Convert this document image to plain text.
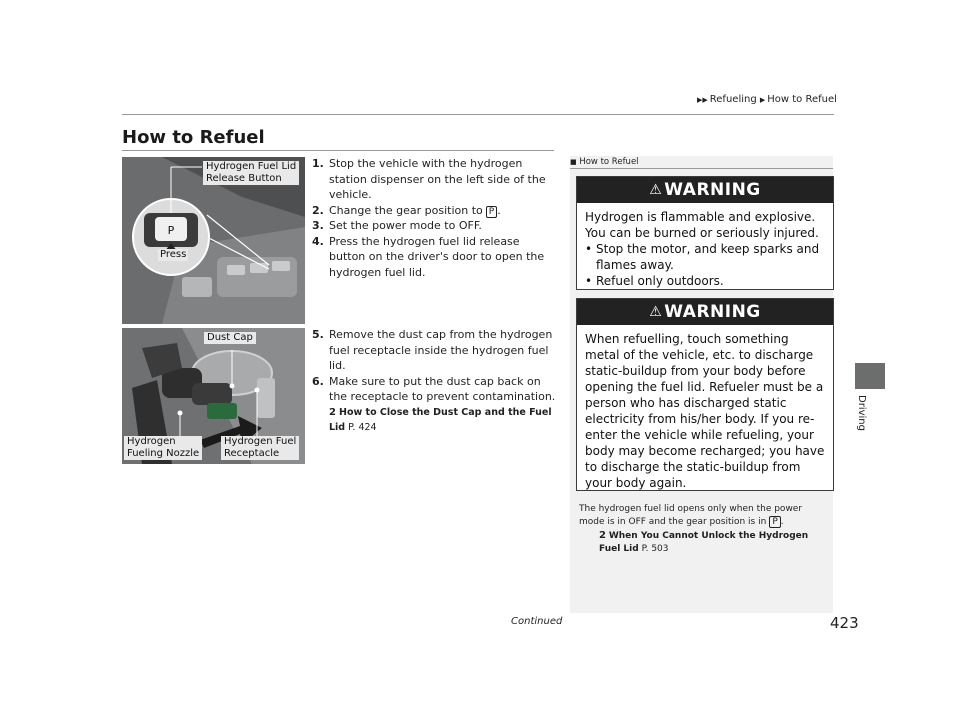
▶▶ Refueling ▶ How to Refuel
How to Refuel
Driving
P
Hydrogen Fuel Lid
Release Button
Press
Dust Cap
Hydrogen
Fueling Nozzle
Hydrogen Fuel
Receptacle
1. Stop the vehicle with the hydrogen station dispenser on the left side of the vehicle.
2. Change the gear position to P .
3. Set the power mode to OFF.
4. Press the hydrogen fuel lid release button on the driver's door to open the hydrogen fuel lid.
5. Remove the dust cap from the hydrogen fuel receptacle inside the hydrogen fuel lid.
6. Make sure to put the dust cap back on the receptacle to prevent contamination.
2 How to Close the Dust Cap and the Fuel Lid P. 424
■ How to Refuel
⚠ WARNING
Hydrogen is flammable and explosive. You can be burned or seriously injured.
• Stop the motor, and keep sparks and flames away.
• Refuel only outdoors.
⚠ WARNING
When refuelling, touch something metal of the vehicle, etc. to discharge static-buildup from your body before opening the fuel lid. Refueler must be a person who has discharged static electricity from his/her body. If you re-enter the vehicle while refueling, your body may become recharged; you have to discharge the static-buildup from your body again.
The hydrogen fuel lid opens only when the power mode is in OFF and the gear position is in P .
2 When You Cannot Unlock the Hydrogen Fuel Lid P. 503
Continued	423
